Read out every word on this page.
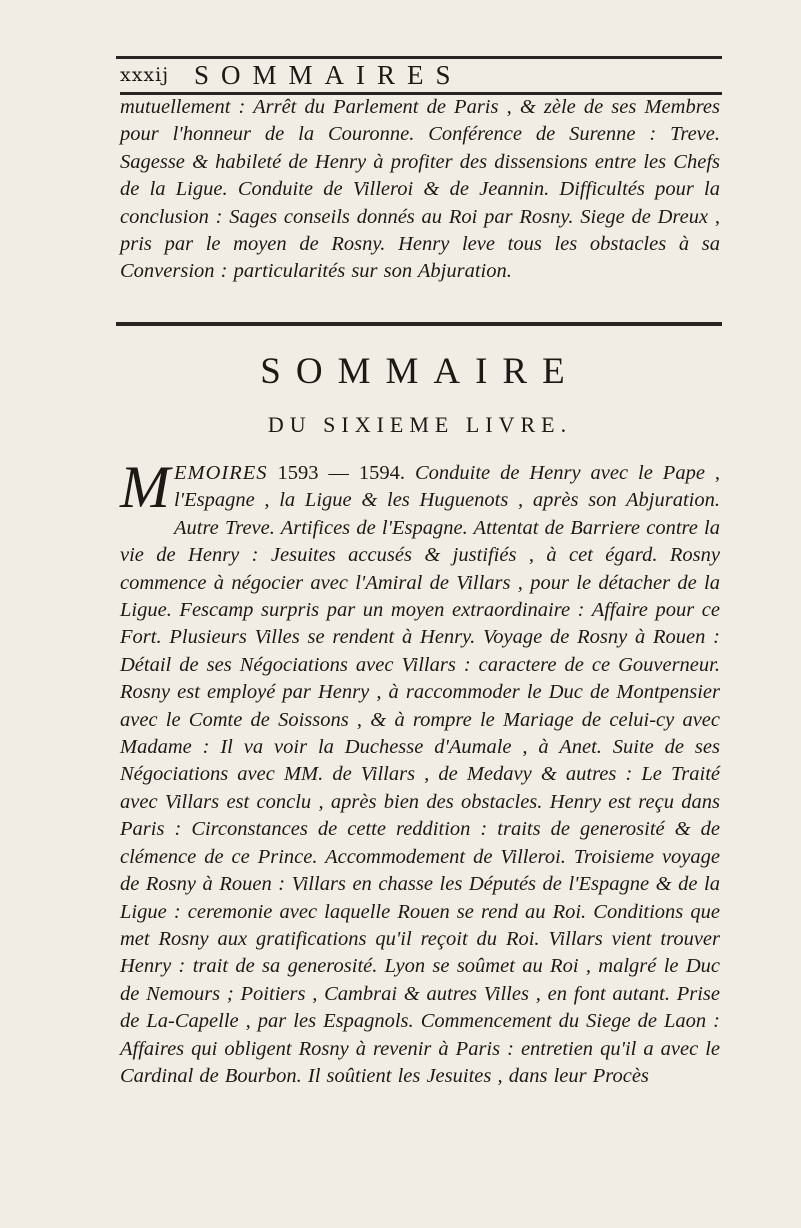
xxxij SOMMAIRES

mutuellement : Arrêt du Parlement de Paris , & zèle de ses Membres pour l'honneur de la Couronne. Conférence de Surenne : Treve. Sagesse & habileté de Henry à profiter des dissensions entre les Chefs de la Ligue. Conduite de Villeroi & de Jeannin. Difficultés pour la conclusion : Sages conseils donnés au Roi par Rosny. Siege de Dreux , pris par le moyen de Rosny. Henry leve tous les obstacles à sa Conversion : particularités sur son Abjuration.

SOMMAIRE
DU SIXIEME LIVRE.
M EMOIRES 1593 — 1594. Conduite de Henry avec le Pape , l'Espagne , la Ligue & les Huguenots , après son Abjuration. Autre Treve. Artifices de l'Espagne. Attentat de Barriere contre la vie de Henry : Jesuites accusés & justifiés , à cet égard. Rosny commence à négocier avec l'Amiral de Villars , pour le détacher de la Ligue. Fescamp surpris par un moyen extraordinaire : Affaire pour ce Fort. Plusieurs Villes se rendent à Henry. Voyage de Rosny à Rouen : Détail de ses Négociations avec Villars : caractere de ce Gouverneur. Rosny est employé par Henry , à raccommoder le Duc de Montpensier avec le Comte de Soissons , & à rompre le Mariage de celui-cy avec Madame : Il va voir la Duchesse d'Aumale , à Anet. Suite de ses Négociations avec MM. de Villars , de Medavy & autres : Le Traité avec Villars est conclu , après bien des obstacles. Henry est reçu dans Paris : Circonstances de cette reddition : traits de generosité & de clémence de ce Prince. Accommodement de Villeroi. Troisieme voyage de Rosny à Rouen : Villars en chasse les Députés de l'Espagne & de la Ligue : ceremonie avec laquelle Rouen se rend au Roi. Conditions que met Rosny aux gratifications qu'il reçoit du Roi. Villars vient trouver Henry : trait de sa generosité. Lyon se soûmet au Roi , malgré le Duc de Nemours ; Poitiers , Cambrai & autres Villes , en font autant. Prise de La-Capelle , par les Espagnols. Commencement du Siege de Laon : Affaires qui obligent Rosny à revenir à Paris : entretien qu'il a avec le Cardinal de Bourbon. Il soûtient les Jesuites , dans leur Procès
